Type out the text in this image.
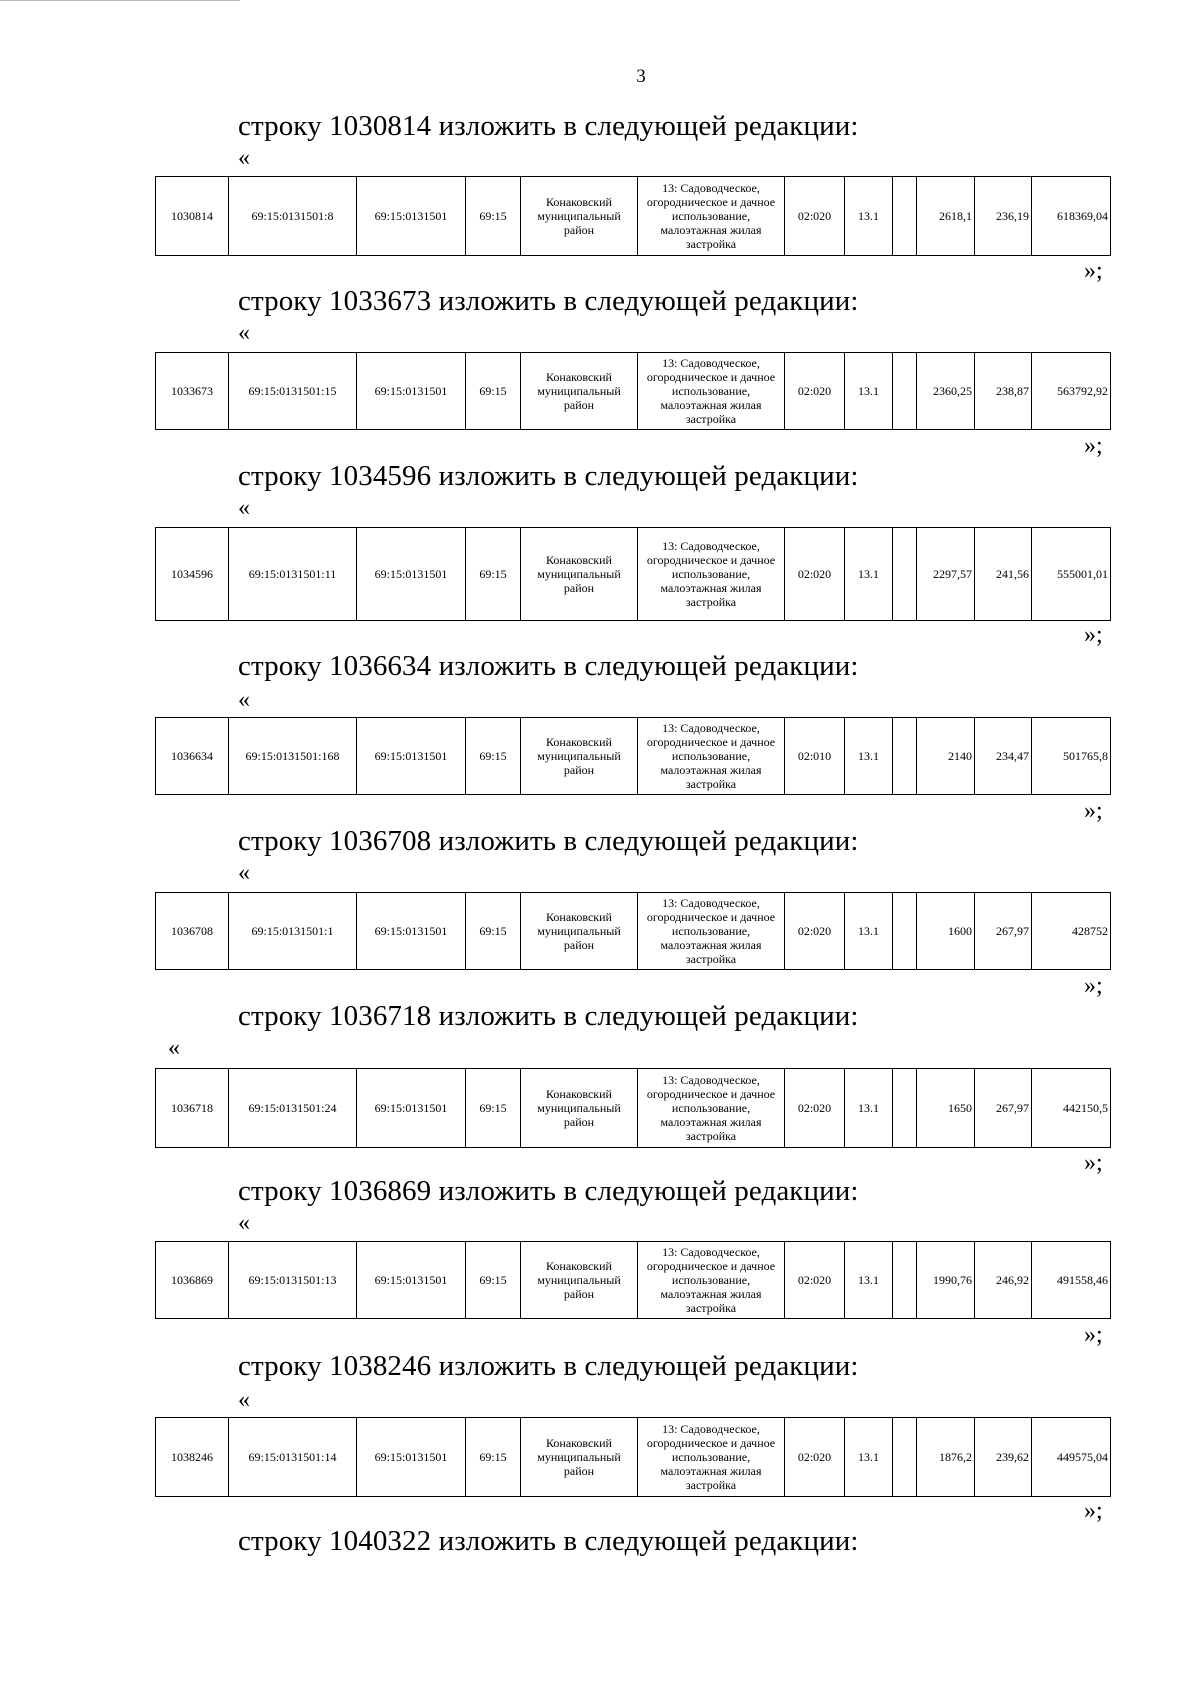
3
строку 1030814 изложить в следующей редакции:
«
1030814	69:15:0131501:8	69:15:0131501	69:15	Конаковский муниципальный район	13: Садоводческое, огородническое и дачное использование, малоэтажная жилая застройка	02:020	13.1		2618,1	236,19	618369,04
»;
строку 1033673 изложить в следующей редакции:
«
1033673	69:15:0131501:15	69:15:0131501	69:15	Конаковский муниципальный район	13: Садоводческое, огородническое и дачное использование, малоэтажная жилая застройка	02:020	13.1		2360,25	238,87	563792,92
»;
строку 1034596 изложить в следующей редакции:
«
1034596	69:15:0131501:11	69:15:0131501	69:15	Конаковский муниципальный район	13: Садоводческое, огородническое и дачное использование, малоэтажная жилая застройка	02:020	13.1		2297,57	241,56	555001,01
»;
строку 1036634 изложить в следующей редакции:
«
1036634	69:15:0131501:168	69:15:0131501	69:15	Конаковский муниципальный район	13: Садоводческое, огородническое и дачное использование, малоэтажная жилая застройка	02:010	13.1		2140	234,47	501765,8
»;
строку 1036708 изложить в следующей редакции:
«
1036708	69:15:0131501:1	69:15:0131501	69:15	Конаковский муниципальный район	13: Садоводческое, огородническое и дачное использование, малоэтажная жилая застройка	02:020	13.1		1600	267,97	428752
»;
строку 1036718 изложить в следующей редакции:
«
1036718	69:15:0131501:24	69:15:0131501	69:15	Конаковский муниципальный район	13: Садоводческое, огородническое и дачное использование, малоэтажная жилая застройка	02:020	13.1		1650	267,97	442150,5
»;
строку 1036869 изложить в следующей редакции:
«
1036869	69:15:0131501:13	69:15:0131501	69:15	Конаковский муниципальный район	13: Садоводческое, огородническое и дачное использование, малоэтажная жилая застройка	02:020	13.1		1990,76	246,92	491558,46
»;
строку 1038246 изложить в следующей редакции:
«
1038246	69:15:0131501:14	69:15:0131501	69:15	Конаковский муниципальный район	13: Садоводческое, огородническое и дачное использование, малоэтажная жилая застройка	02:020	13.1		1876,2	239,62	449575,04
»;
строку 1040322 изложить в следующей редакции:
